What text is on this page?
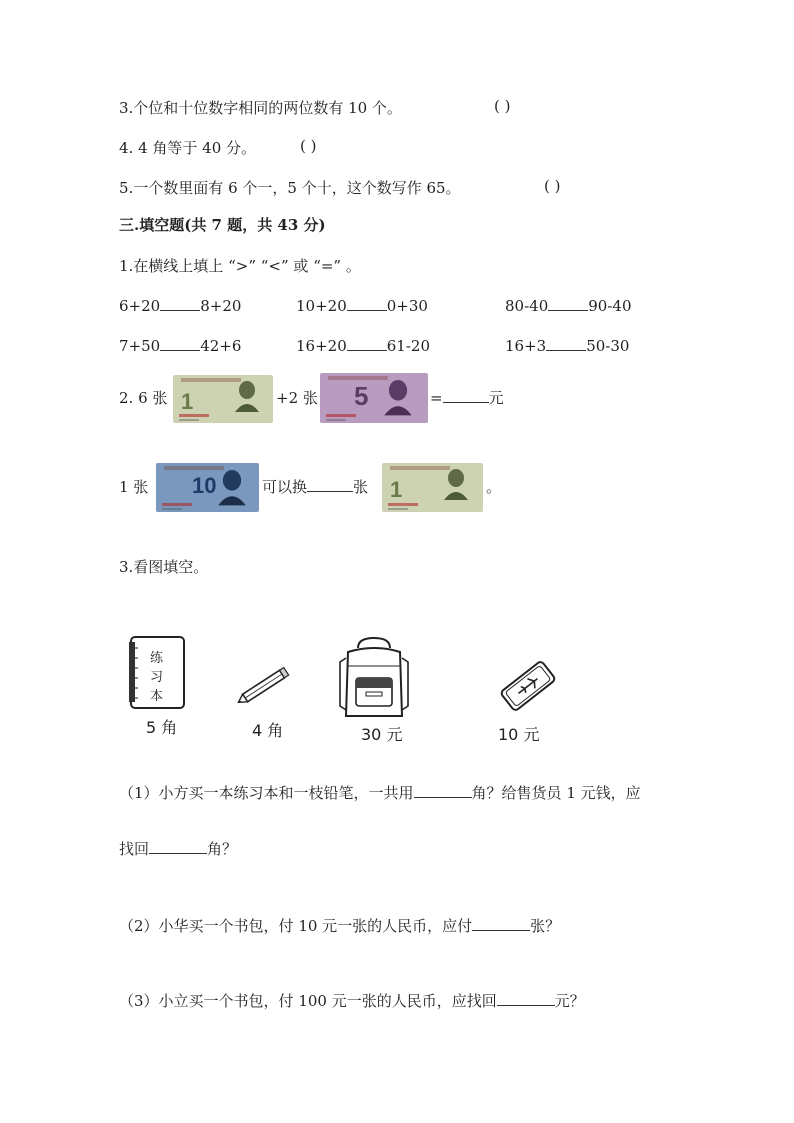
3.个位和十位数字相同的两位数有 10 个。	( )
4. 4 角等于 40 分。	( )
5.一个数里面有 6 个一，5 个十，这个数写作 65。	( )
三.填空题(共 7 题，共 43 分)
1.在横线上填上 “>” “<” 或 “=” 。
6+20	8+20	10+20	0+30	80-40	90-40
7+50	42+6	16+20	61-20	16+3	50-30
2. 6 张 1	+2 张 5	=	元
1 张 10	可以换	张 1	。
3.看图填空。
练
习
本
5 角	4 角	30 元	10 元
（1）小方买一本练习本和一枝铅笔，一共用	角？给售货员 1 元钱，应
找回	角？
（2）小华买一个书包，付 10 元一张的人民币，应付	张？
（3）小立买一个书包，付 100 元一张的人民币，应找回	元？
